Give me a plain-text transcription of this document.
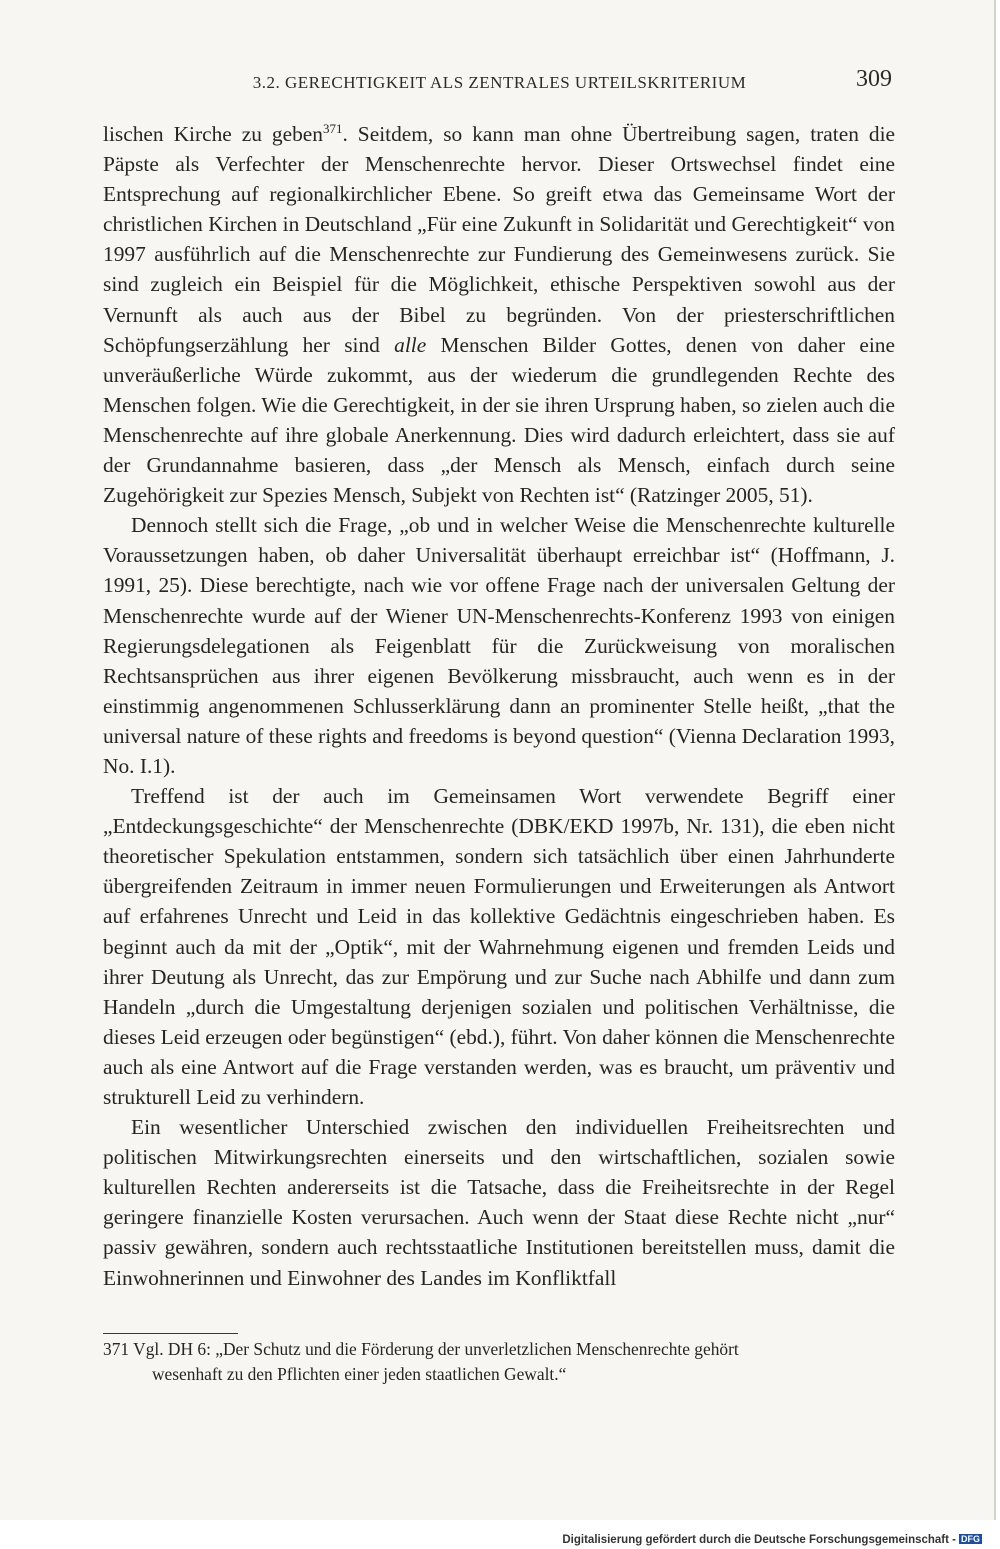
3.2. GERECHTIGKEIT ALS ZENTRALES URTEILSKRITERIUM	309

lischen Kirche zu geben$^{371}$. Seitdem, so kann man ohne Übertreibung sagen, traten die Päpste als Verfechter der Menschenrechte hervor. Dieser Ortswechsel findet eine Entsprechung auf regionalkirchlicher Ebene. So greift etwa das Gemeinsame Wort der christlichen Kirchen in Deutschland „Für eine Zukunft in Solidarität und Gerechtigkeit“ von 1997 ausführlich auf die Menschenrechte zur Fundierung des Gemeinwesens zurück. Sie sind zugleich ein Beispiel für die Möglichkeit, ethische Perspektiven sowohl aus der Vernunft als auch aus der Bibel zu begründen. Von der priesterschriftlichen Schöpfungserzählung her sind alle Menschen Bilder Gottes, denen von daher eine unveräußerliche Würde zukommt, aus der wiederum die grundlegenden Rechte des Menschen folgen. Wie die Gerechtigkeit, in der sie ihren Ursprung haben, so zielen auch die Menschenrechte auf ihre globale Anerkennung. Dies wird dadurch erleichtert, dass sie auf der Grundannahme basieren, dass „der Mensch als Mensch, einfach durch seine Zugehörigkeit zur Spezies Mensch, Subjekt von Rechten ist“ (Ratzinger 2005, 51).

Dennoch stellt sich die Frage, „ob und in welcher Weise die Menschenrechte kulturelle Voraussetzungen haben, ob daher Universalität überhaupt erreichbar ist“ (Hoffmann, J. 1991, 25). Diese berechtigte, nach wie vor offene Frage nach der universalen Geltung der Menschenrechte wurde auf der Wiener UN-Menschenrechts-Konferenz 1993 von einigen Regierungsdelegationen als Feigenblatt für die Zurückweisung von moralischen Rechtsansprüchen aus ihrer eigenen Bevölkerung missbraucht, auch wenn es in der einstimmig angenommenen Schlusserklärung dann an prominenter Stelle heißt, „that the universal nature of these rights and freedoms is beyond question“ (Vienna Declaration 1993, No. I.1).

Treffend ist der auch im Gemeinsamen Wort verwendete Begriff einer „Entdeckungsgeschichte“ der Menschenrechte (DBK/EKD 1997b, Nr. 131), die eben nicht theoretischer Spekulation entstammen, sondern sich tatsächlich über einen Jahrhunderte übergreifenden Zeitraum in immer neuen Formulierungen und Erweiterungen als Antwort auf erfahrenes Unrecht und Leid in das kollektive Gedächtnis eingeschrieben haben. Es beginnt auch da mit der „Optik“, mit der Wahrnehmung eigenen und fremden Leids und ihrer Deutung als Unrecht, das zur Empörung und zur Suche nach Abhilfe und dann zum Handeln „durch die Umgestaltung derjenigen sozialen und politischen Verhältnisse, die dieses Leid erzeugen oder begünstigen“ (ebd.), führt. Von daher können die Menschenrechte auch als eine Antwort auf die Frage verstanden werden, was es braucht, um präventiv und strukturell Leid zu verhindern.

Ein wesentlicher Unterschied zwischen den individuellen Freiheitsrechten und politischen Mitwirkungsrechten einerseits und den wirtschaftlichen, sozialen sowie kulturellen Rechten andererseits ist die Tatsache, dass die Freiheitsrechte in der Regel geringere finanzielle Kosten verursachen. Auch wenn der Staat diese Rechte nicht „nur“ passiv gewähren, sondern auch rechtsstaatliche Institutionen bereitstellen muss, damit die Einwohnerinnen und Einwohner des Landes im Konfliktfall

371 Vgl. DH 6: „Der Schutz und die Förderung der unverletzlichen Menschenrechte gehört
wesenhaft zu den Pflichten einer jeden staatlichen Gewalt.“
Digitalisierung gefördert durch die Deutsche Forschungsgemeinschaft - DFG
